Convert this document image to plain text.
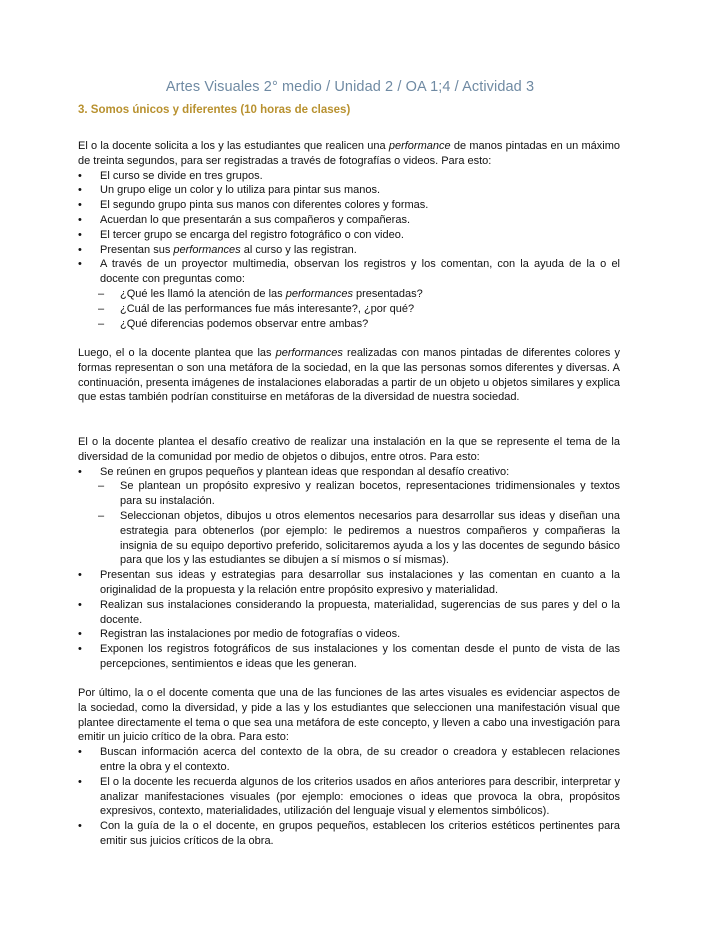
Artes Visuales 2° medio / Unidad 2 / OA 1;4 / Actividad 3
3. Somos únicos y diferentes (10 horas de clases)

El o la docente solicita a los y las estudiantes que realicen una performance de manos pintadas en un máximo de treinta segundos, para ser registradas a través de fotografías o videos. Para esto:

• El curso se divide en tres grupos.
• Un grupo elige un color y lo utiliza para pintar sus manos.
• El segundo grupo pinta sus manos con diferentes colores y formas.
• Acuerdan lo que presentarán a sus compañeros y compañeras.
• El tercer grupo se encarga del registro fotográfico o con video.
• Presentan sus performances al curso y las registran.
• A través de un proyector multimedia, observan los registros y los comentan, con la ayuda de la o el docente con preguntas como:
– ¿Qué les llamó la atención de las performances presentadas?
– ¿Cuál de las performances fue más interesante?, ¿por qué?
– ¿Qué diferencias podemos observar entre ambas?

Luego, el o la docente plantea que las performances realizadas con manos pintadas de diferentes colores y formas representan o son una metáfora de la sociedad, en la que las personas somos diferentes y diversas. A continuación, presenta imágenes de instalaciones elaboradas a partir de un objeto u objetos similares y explica que estas también podrían constituirse en metáforas de la diversidad de nuestra sociedad.

El o la docente plantea el desafío creativo de realizar una instalación en la que se represente el tema de la diversidad de la comunidad por medio de objetos o dibujos, entre otros. Para esto:

• Se reúnen en grupos pequeños y plantean ideas que respondan al desafío creativo:
– Se plantean un propósito expresivo y realizan bocetos, representaciones tridimensionales y textos para su instalación.
– Seleccionan objetos, dibujos u otros elementos necesarios para desarrollar sus ideas y diseñan una estrategia para obtenerlos (por ejemplo: le pediremos a nuestros compañeros y compañeras la insignia de su equipo deportivo preferido, solicitaremos ayuda a los y las docentes de segundo básico para que los y las estudiantes se dibujen a sí mismos o sí mismas).
• Presentan sus ideas y estrategias para desarrollar sus instalaciones y las comentan en cuanto a la originalidad de la propuesta y la relación entre propósito expresivo y materialidad.
• Realizan sus instalaciones considerando la propuesta, materialidad, sugerencias de sus pares y del o la docente.
• Registran las instalaciones por medio de fotografías o videos.
• Exponen los registros fotográficos de sus instalaciones y los comentan desde el punto de vista de las percepciones, sentimientos e ideas que les generan.

Por último, la o el docente comenta que una de las funciones de las artes visuales es evidenciar aspectos de la sociedad, como la diversidad, y pide a las y los estudiantes que seleccionen una manifestación visual que plantee directamente el tema o que sea una metáfora de este concepto, y lleven a cabo una investigación para emitir un juicio crítico de la obra. Para esto:

• Buscan información acerca del contexto de la obra, de su creador o creadora y establecen relaciones entre la obra y el contexto.
• El o la docente les recuerda algunos de los criterios usados en años anteriores para describir, interpretar y analizar manifestaciones visuales (por ejemplo: emociones o ideas que provoca la obra, propósitos expresivos, contexto, materialidades, utilización del lenguaje visual y elementos simbólicos).
• Con la guía de la o el docente, en grupos pequeños, establecen los criterios estéticos pertinentes para emitir sus juicios críticos de la obra.
